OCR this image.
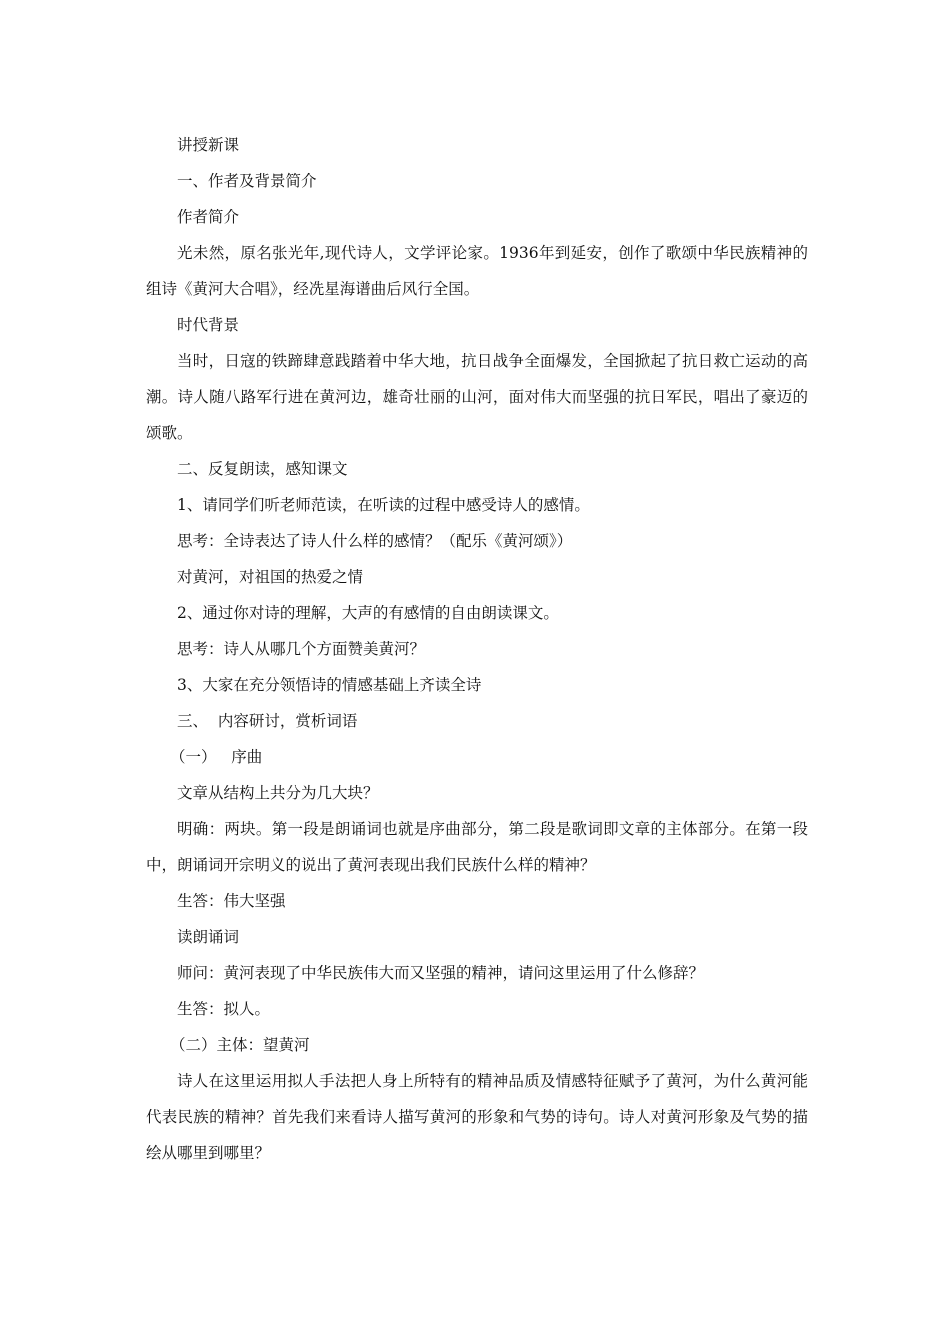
讲授新课

一、作者及背景简介

作者简介

光未然，原名张光年,现代诗人，文学评论家。1936年到延安，创作了歌颂中华民族精神的组诗《黄河大合唱》，经冼星海谱曲后风行全国。

时代背景

当时，日寇的铁蹄肆意践踏着中华大地，抗日战争全面爆发，全国掀起了抗日救亡运动的高潮。诗人随八路军行进在黄河边，雄奇壮丽的山河，面对伟大而坚强的抗日军民，唱出了豪迈的颂歌。

二、反复朗读，感知课文

1、请同学们听老师范读，在听读的过程中感受诗人的感情。

思考：全诗表达了诗人什么样的感情？（配乐《黄河颂》）

对黄河，对祖国的热爱之情

2、通过你对诗的理解，大声的有感情的自由朗读课文。

思考：诗人从哪几个方面赞美黄河？

3、大家在充分领悟诗的情感基础上齐读全诗

三、  内容研讨，赏析词语

（一）   序曲

文章从结构上共分为几大块？

明确：两块。第一段是朗诵词也就是序曲部分，第二段是歌词即文章的主体部分。在第一段中，朗诵词开宗明义的说出了黄河表现出我们民族什么样的精神？

生答：伟大坚强

读朗诵词

师问：黄河表现了中华民族伟大而又坚强的精神，请问这里运用了什么修辞？

生答：拟人。

（二）主体：望黄河

诗人在这里运用拟人手法把人身上所特有的精神品质及情感特征赋予了黄河，为什么黄河能代表民族的精神？首先我们来看诗人描写黄河的形象和气势的诗句。诗人对黄河形象及气势的描绘从哪里到哪里？
